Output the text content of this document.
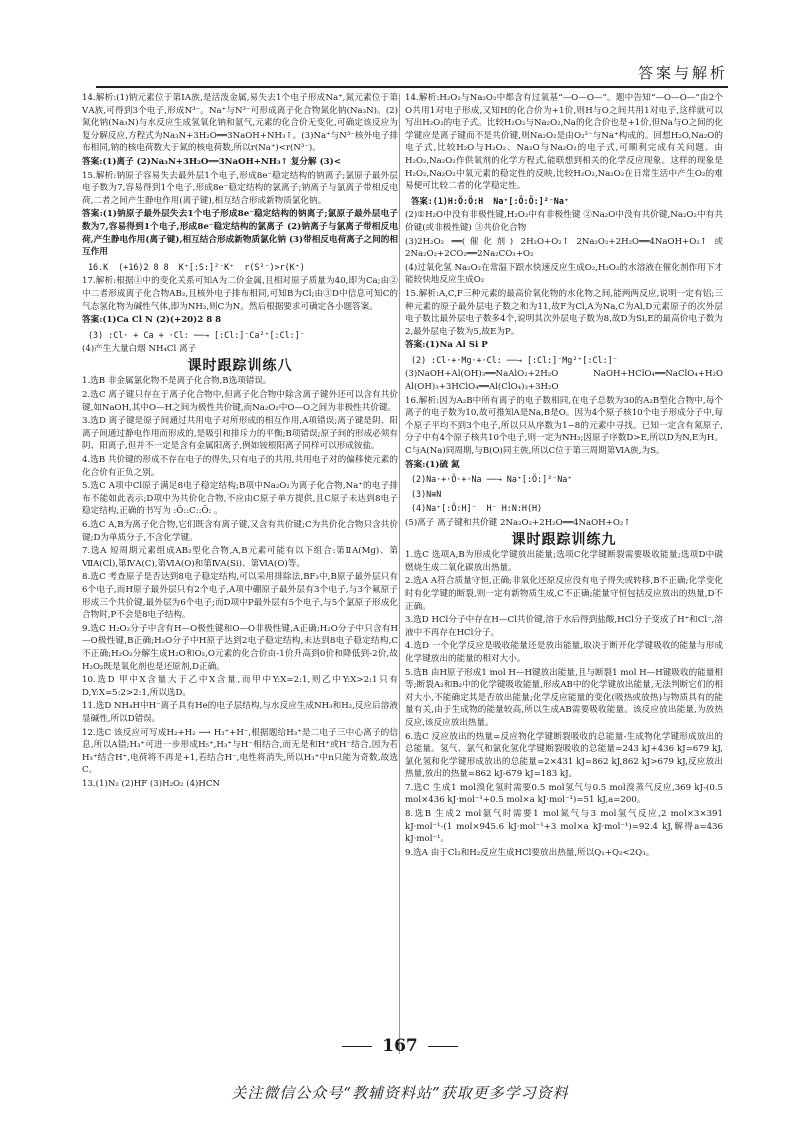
答案与解析
14.解析:(1)钠元素位于第ⅠA族,是活泼金属,易失去1个电子形成Na⁺,氮元素位于第ⅤA族,可得到3个电子,形成N³⁻。Na⁺与N³⁻可形成离子化合物氮化钠(Na₃N)。(2)氮化钠(Na₃N)与水反应生成氢氧化钠和氨气,元素的化合价无变化,可确定该反应为复分解反应,方程式为Na₃N+3H₂O══3NaOH+NH₃↑。(3)Na⁺与N³⁻核外电子排布相同,钠的核电荷数大于氮的核电荷数,所以r(Na⁺)<r(N³⁻)。
答案:(1)离子 (2)Na₃N+3H₂O══3NaOH+NH₃↑ 复分解 (3)<
15.解析:钠原子容易失去最外层1个电子,形成8e⁻稳定结构的钠离子;氯原子最外层电子数为7,容易得到1个电子,形成8e⁻稳定结构的氯离子;钠离子与氯离子带相反电荷,二者之间产生静电作用(离子键),相互结合形成新物质氯化钠。
答案:(1)钠原子最外层失去1个电子形成8e⁻稳定结构的钠离子;氯原子最外层电子数为7,容易得到1个电子,形成8e⁻稳定结构的氯离子 (2)钠离子与氯离子带相反电荷,产生静电作用(离子键),相互结合形成新物质氯化钠 (3)带相反电荷离子之间的相互作用
16.K  (+16)2 8 8  K⁺[:S:]²⁻K⁺  r(S²⁻)>r(K⁺)
17.解析:根据①中的变化关系可知A为二价金属,且相对原子质量为40,即为Ca;由②中二者形成离子化合物AB₂,且核外电子排布相同,可知B为Cl;由③D中信息可知C的气态氢化物为碱性气体,即为NH₃,则C为N。然后根据要求可确定各小题答案。
答案:(1)Ca Cl N (2)(+20)2 8 8
(3) :Cl· + Ca + ·Cl: ──→ [:Cl:]⁻Ca²⁺[:Cl:]⁻
(4)产生大量白烟 NH₄Cl 离子
课时跟踪训练八
1.选B 非金属氯化物不是离子化合物,B选项错误。
2.选C 离子键只存在于离子化合物中,但离子化合物中除含离子键外还可以含有共价键,如NaOH,其中O—H之间为极性共价键,而Na₂O₂中O—O之间为非极性共价键。
3.选D 离子键是原子间通过共用电子对所形成的相互作用,A项错误;离子键是阴、阳离子间通过静电作用而形成的,是吸引和排斥力的平衡;B项错误;原子间的形成必须有阴、阳离子,但并不一定是含有金属阳离子,例如铵根阳离子同样可以形成铵盐。
4.选B 共价键的形成不存在电子的得失,只有电子的共用,共用电子对的偏移使元素的化合价有正负之别。
5.选C A项中Cl原子满足8电子稳定结构;B项中Na₂O₂为离子化合物,Na⁺的电子排布不能如此表示;D项中为共价化合物,不应由C原子单方提供,且C原子未达到8电子稳定结构,正确的书写为 :Ö::C::Ö: 。
6.选C A,B为离子化合物,它们既含有离子键,又含有共价键;C为共价化合物只含共价键;D为单质分子,不含化学键。
7.选A 短周期元素组成AB₂型化合物,A,B元素可能有以下组合:第ⅡA(Mg)、第ⅦA(Cl),第ⅣA(C),第ⅥA(O)和第ⅣA(Si)、第ⅥA(O)等。
8.选C 考查原子是否达到8电子稳定结构,可以采用排除法,BF₃中,B原子最外层只有6个电子,而H原子最外层只有2个电子,A项中硼原子最外层有3个电子,与3个氟原子形成三个共价键,最外层为6个电子;而D项中P最外层有5个电子,与5个氯原子形成化合物时,P不会是8电子结构。
9.选C H₂O₂分子中含有H—O极性键和O—O非极性键,A正确;H₂O分子中只含有H—O极性键,B正确;H₂O分子中H原子达到2电子稳定结构,未达到8电子稳定结构,C不正确;H₂O₂分解生成H₂O和O₂,O元素的化合价由-1价升高到0价和降低到-2价,故H₂O₂既是氧化剂也是还原剂,D正确。
10.选D 甲中X含量大于乙中X含量,而甲中Y:X=2:1,则乙中Y:X>2:1只有D,Y:X=5:2>2:1,所以选D。
11.选D NH₄H中H⁻离子具有He的电子层结构,与水反应生成NH₃和H₂,反应后溶液显碱性,所以D错误。
12.选C 该反应可写成H₂+H₂ ⟶ H₃⁺+H⁻,根据题给H₃⁺是二电子三中心离子的信息,所以A错;H₃⁺可进一步形成H₅⁺,H₃⁺与H⁻相结合,而无是和H⁺或H⁻结合,因为若H₃⁺结合H⁺,电荷将不再是+1,若结合H⁻,电性将消失,所以H₃⁺中n只能为奇数,故选C。
13.(1)N₂ (2)HF (3)H₂O₂ (4)HCN
14.解析:H₂O₂与Na₂O₂中都含有过氧基“—O—O—”。题中告知“—O—O—”由2个O共用1对电子形成,又知H的化合价为+1价,则H与O之间共用1对电子,这样就可以写出H₂O₂的电子式。比较H₂O₂与Na₂O₂,Na的化合价也是+1价,但Na与O之间的化学键应是离子键而不是共价键,则Na₂O₂是由O₂²⁻与Na⁺构成的。回想H₂O,Na₂O的电子式,比较H₂O与H₂O₂、Na₂O与Na₂O₂的电子式,可顺利完成有关问题。由H₂O₂,Na₂O₂作供氧剂的化学方程式,能联想到相关的化学反应现象。这样的现象是H₂O₂,Na₂O₂中氧元素的稳定性的反映,比较H₂O₂,Na₂O₂在日常生活中产生O₂的难易便可比较二者的化学稳定性。
答案:(1)H:Ö:Ö:H  Na⁺[:Ö:Ö:]²⁻Na⁺
(2)①H₂O中没有非极性键,H₂O₂中有非极性键 ②Na₂O中没有共价键,Na₂O₂中有共价键(或非极性键) ③共价化合物
(3)2H₂O₂ ══(催化剂) 2H₂O+O₂↑ 2Na₂O₂+2H₂O══4NaOH+O₂↑ 或 2Na₂O₂+2CO₂══2Na₂CO₃+O₂
(4)过氧化氢 Na₂O₂在常温下跟水快速反应生成O₂,H₂O₂的水溶液在催化剂作用下才能较快地反应生成O₂
15.解析:A,C,F三种元素的最高价氧化物的水化物之间,能两两反应,说明一定有铝;三种元素的原子最外层电子数之和为11,故F为Cl,A为Na,C为Al,D元素原子的次外层电子数比最外层电子数多4个,说明其次外层电子数为8,故D为Si,E的最高价电子数为2,最外层电子数为5,故E为P。
答案:(1)Na Al Si P
(2) :Cl·+·Mg·+·Cl: ──→ [:Cl:]⁻Mg²⁺[:Cl:]⁻
(3)NaOH+Al(OH)₃══NaAlO₂+2H₂O NaOH+HClO₄══NaClO₄+H₂O Al(OH)₃+3HClO₄══Al(ClO₄)₃+3H₂O
16.解析:因为A₂B中所有离子的电子数相同,在电子总数为30的A₂B型化合物中,每个离子的电子数为10,故可推知A是Na,B是O。因为4个原子核10个电子形成分子中,每个原子平均不到3个电子,所以只从序数为1~8的元素中寻找。已知一定含有氮原子,分子中有4个原子核共10个电子,则一定为NH₃;因原子序数D>E,所以D为N,E为H。C与A(Na)同周期,与B(O)同主族,所以C位于第三周期第ⅥA族,为S。
答案:(1)硫 氮
(2)Na·+·Ö·+·Na ──→ Na⁺[:Ö:]²⁻Na⁺
(3)N≡N
(4)Na⁺[:Ö:H]⁻  H⁻ H:N:H(H)
(5)离子 离子键和共价键 2Na₂O₂+2H₂O══4NaOH+O₂↑
课时跟踪训练九
1.选C 选项A,B为形成化学键放出能量;选项C化学键断裂需要吸收能量;选项D中碳燃烧生成二氧化碳放出热量。
2.选A A符合质量守恒,正确;非氧化还原反应没有电子得失或转移,B不正确;化学变化时有化学键的断裂,则一定有新物质生成,C不正确;能量守恒包括反应放出的热量,D不正确。
3.选D HCl分子中存在H—Cl共价键,溶于水后得到盐酸,HCl分子变成了H⁺和Cl⁻,溶液中不再存在HCl分子。
4.选D 一个化学反应是吸收能量还是放出能量,取决于断开化学键吸收的能量与形成化学键放出的能量的相对大小。
5.选B 由H原子形成1 mol H—H键放出能量,且与断裂1 mol H—H键吸收的能量相等;断裂A₂和B₂中的化学键吸收能量,形成AB中的化学键放出能量,无法判断它们的相对大小,不能确定其是否放出能量;化学反应能量的变化(吸热或放热)与物质具有的能量有关,由于生成物的能量较高,所以生成AB需要吸收能量。该反应放出能量,为放热反应,该反应放出热量。
6.选C 反应放出的热量=反应物化学键断裂吸收的总能量-生成物化学键形成放出的总能量。氢气、氯气和氯化氢化学键断裂吸收的总能量=243 kJ+436 kJ=679 kJ,氯化氢和化学键形成放出的总能量=2×431 kJ=862 kJ,862 kJ>679 kJ,反应放出热量,放出的热量=862 kJ-679 kJ=183 kJ。
7.选C 生成1 mol溴化氢时需要0.5 mol氢气与0.5 mol溴蒸气反应,369 kJ-(0.5 mol×436 kJ·mol⁻¹+0.5 mol×a kJ·mol⁻¹)=51 kJ,a=200。
8.选B 生成2 mol氨气时需要1 mol氮气与3 mol氢气反应,2 mol×3×391 kJ·mol⁻¹-(1 mol×945.6 kJ·mol⁻¹+3 mol×a kJ·mol⁻¹)=92.4 kJ,解得a=436 kJ·mol⁻¹。
9.选A 由于Cl₂和H₂反应生成HCl要放出热量,所以Q₁+Q₂<2Q₃。
167
关注微信公众号“教辅资料站”获取更多学习资料
